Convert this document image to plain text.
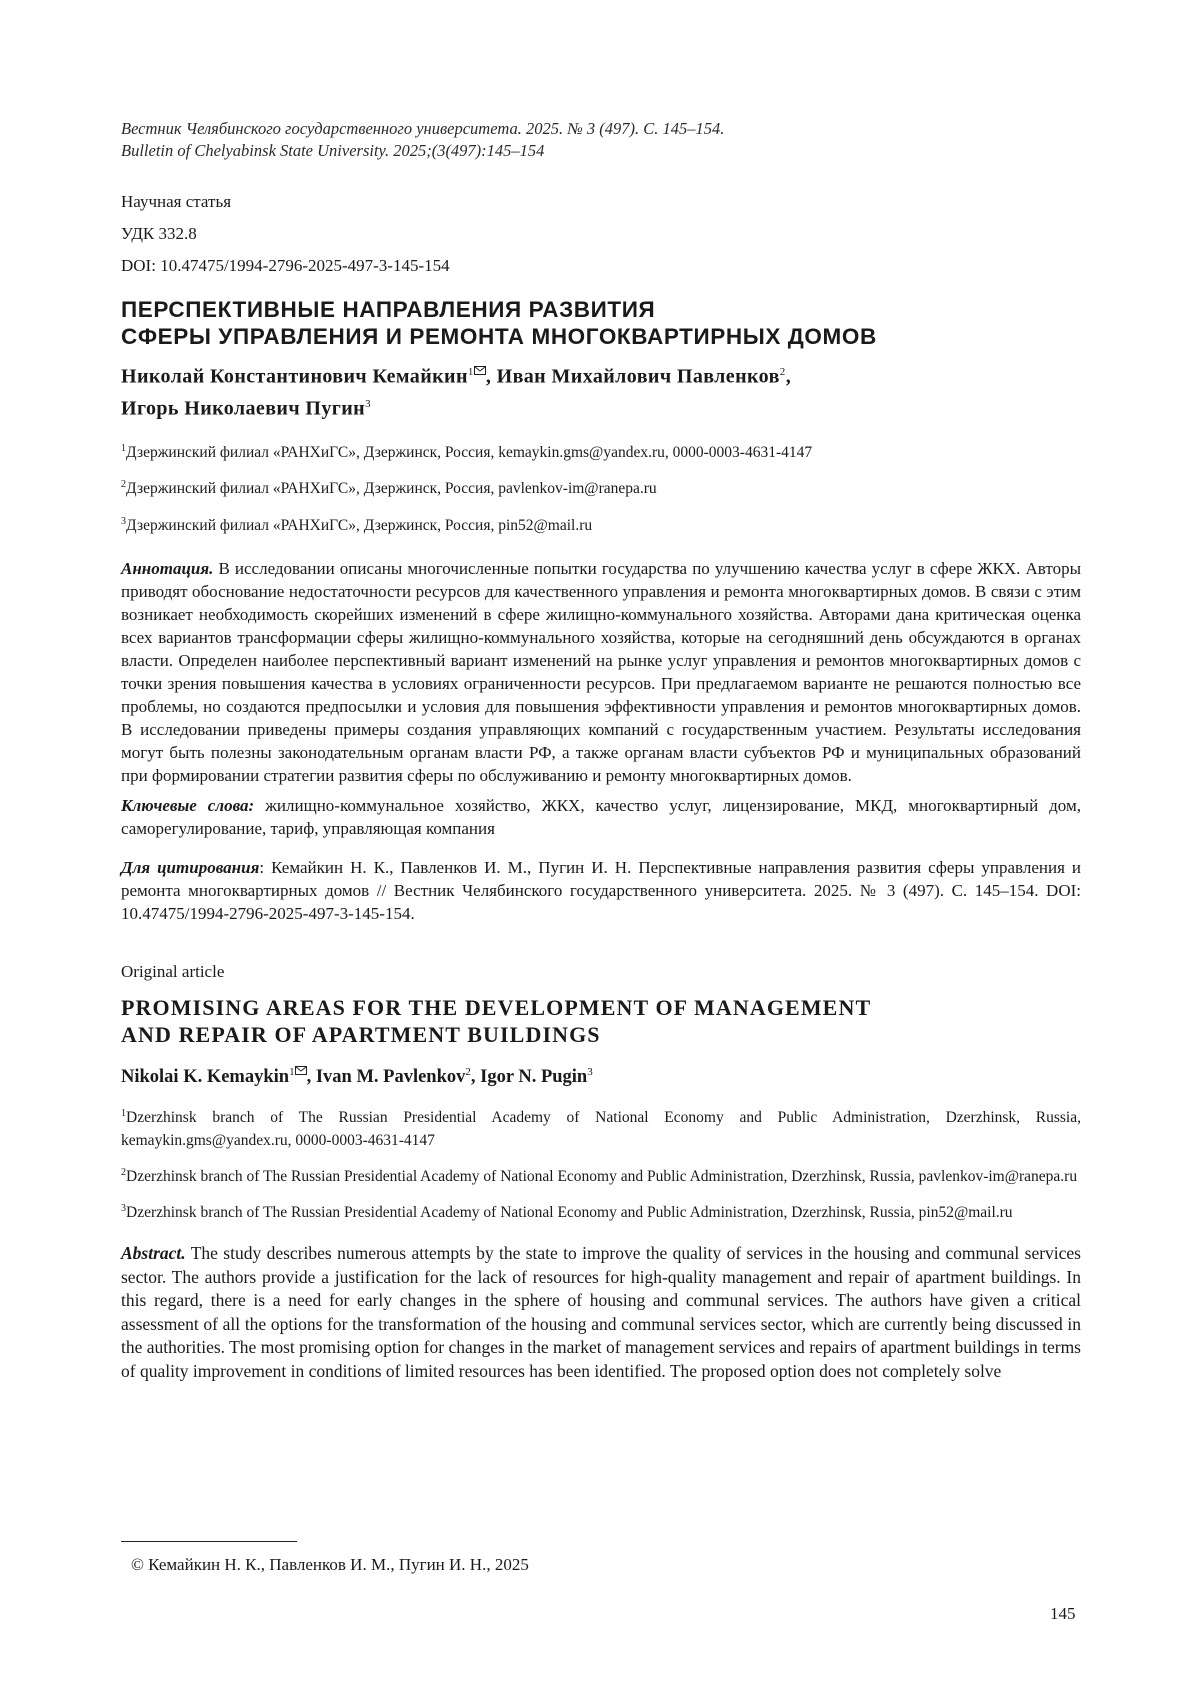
Вестник Челябинского государственного университета. 2025. № 3 (497). С. 145–154.
Bulletin of Chelyabinsk State University. 2025;(3(497):145–154
Научная статья
УДК 332.8
DOI: 10.47475/1994-2796-2025-497-3-145-154
ПЕРСПЕКТИВНЫЕ НАПРАВЛЕНИЯ РАЗВИТИЯ
СФЕРЫ УПРАВЛЕНИЯ И РЕМОНТА МНОГОКВАРТИРНЫХ ДОМОВ
Николай Константинович Кемайкин$^1$ , Иван Михайлович Павленков$^2$,
Игорь Николаевич Пугин$^3$
$^1$Дзержинский филиал «РАНХиГС», Дзержинск, Россия, kemaykin.gms@yandex.ru, 0000-0003-4631-4147
$^2$Дзержинский филиал «РАНХиГС», Дзержинск, Россия, pavlenkov-im@ranepa.ru
$^3$Дзержинский филиал «РАНХиГС», Дзержинск, Россия, pin52@mail.ru
Аннотация. В исследовании описаны многочисленные попытки государства по улучшению качества услуг в сфере ЖКХ. Авторы приводят обоснование недостаточности ресурсов для качественного управления и ремонта многоквартирных домов. В связи с этим возникает необходимость скорейших изменений в сфере жилищно-коммунального хозяйства. Авторами дана критическая оценка всех вариантов трансформации сферы жилищно-коммунального хозяйства, которые на сегодняшний день обсуждаются в органах власти. Определен наиболее перспективный вариант изменений на рынке услуг управления и ремонтов многоквартирных домов с точки зрения повышения качества в условиях ограниченности ресурсов. При предлагаемом варианте не решаются полностью все проблемы, но создаются предпосылки и условия для повышения эффективности управления и ремонтов многоквартирных домов. В исследовании приведены примеры создания управляющих компаний с государственным участием. Результаты исследования могут быть полезны законодательным органам власти РФ, а также органам власти субъектов РФ и муниципальных образований при формировании стратегии развития сферы по обслуживанию и ремонту многоквартирных домов.
Ключевые слова: жилищно-коммунальное хозяйство, ЖКХ, качество услуг, лицензирование, МКД, многоквартирный дом, саморегулирование, тариф, управляющая компания
Для цитирования: Кемайкин Н. К., Павленков И. М., Пугин И. Н. Перспективные направления развития сферы управления и ремонта многоквартирных домов // Вестник Челябинского государственного университета. 2025. № 3 (497). С. 145–154. DOI: 10.47475/1994-2796-2025-497-3-145-154.
Original article
PROMISING AREAS FOR THE DEVELOPMENT OF MANAGEMENT
AND REPAIR OF APARTMENT BUILDINGS
Nikolai K. Kemaykin$^1$ , Ivan M. Pavlenkov$^2$, Igor N. Pugin$^3$
$^1$Dzerzhinsk branch of The Russian Presidential Academy of National Economy and Public Administration, Dzerzhinsk, Russia, kemaykin.gms@yandex.ru, 0000-0003-4631-4147
$^2$Dzerzhinsk branch of The Russian Presidential Academy of National Economy and Public Administration, Dzerzhinsk, Russia, pavlenkov-im@ranepa.ru
$^3$Dzerzhinsk branch of The Russian Presidential Academy of National Economy and Public Administration, Dzerzhinsk, Russia, pin52@mail.ru
Abstract. The study describes numerous attempts by the state to improve the quality of services in the housing and communal services sector. The authors provide a justification for the lack of resources for high-quality management and repair of apartment buildings. In this regard, there is a need for early changes in the sphere of housing and communal services. The authors have given a critical assessment of all the options for the transformation of the housing and communal services sector, which are currently being discussed in the authorities. The most promising option for changes in the market of management services and repairs of apartment buildings in terms of quality improvement in conditions of limited resources has been identified. The proposed option does not completely solve
© Кемайкин Н. К., Павленков И. М., Пугин И. Н., 2025
145
